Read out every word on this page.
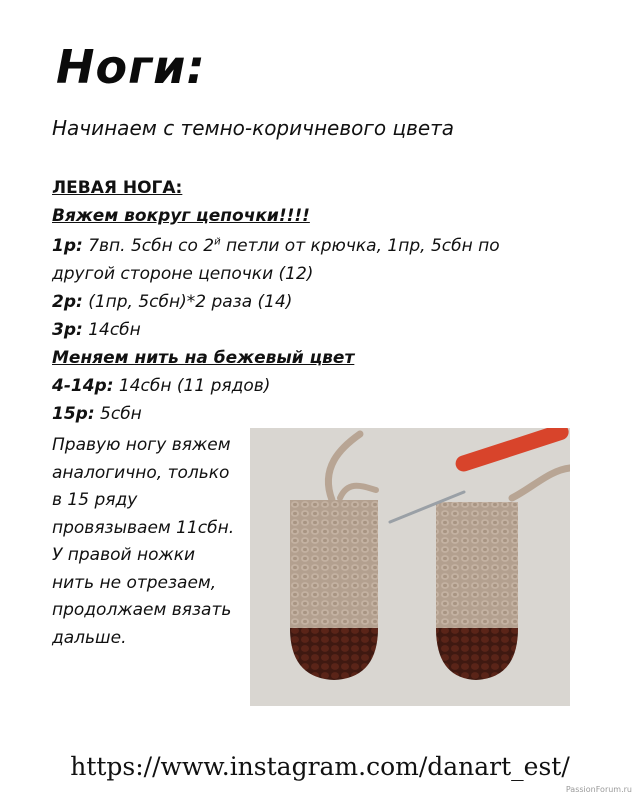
Ноги:
Начинаем с темно-коричневого цвета
ЛЕВАЯ НОГА:
Вяжем вокруг цепочки!!!!
1р: 7вп. 5сбн со $2^й$ петли от крючка, 1пр, 5сбн по
другой стороне цепочки (12)
2р: (1пр, 5сбн)*2 раза (14)
3р: 14сбн
Меняем нить на бежевый цвет
4-14р: 14сбн (11 рядов)
15р: 5сбн
Правую ногу вяжем аналогично, только в 15 ряду провязываем 11сбн. У правой ножки нить не отрезаем, продолжаем вязать дальше.
https://www.instagram.com/danart_est/
PassionForum.ru
